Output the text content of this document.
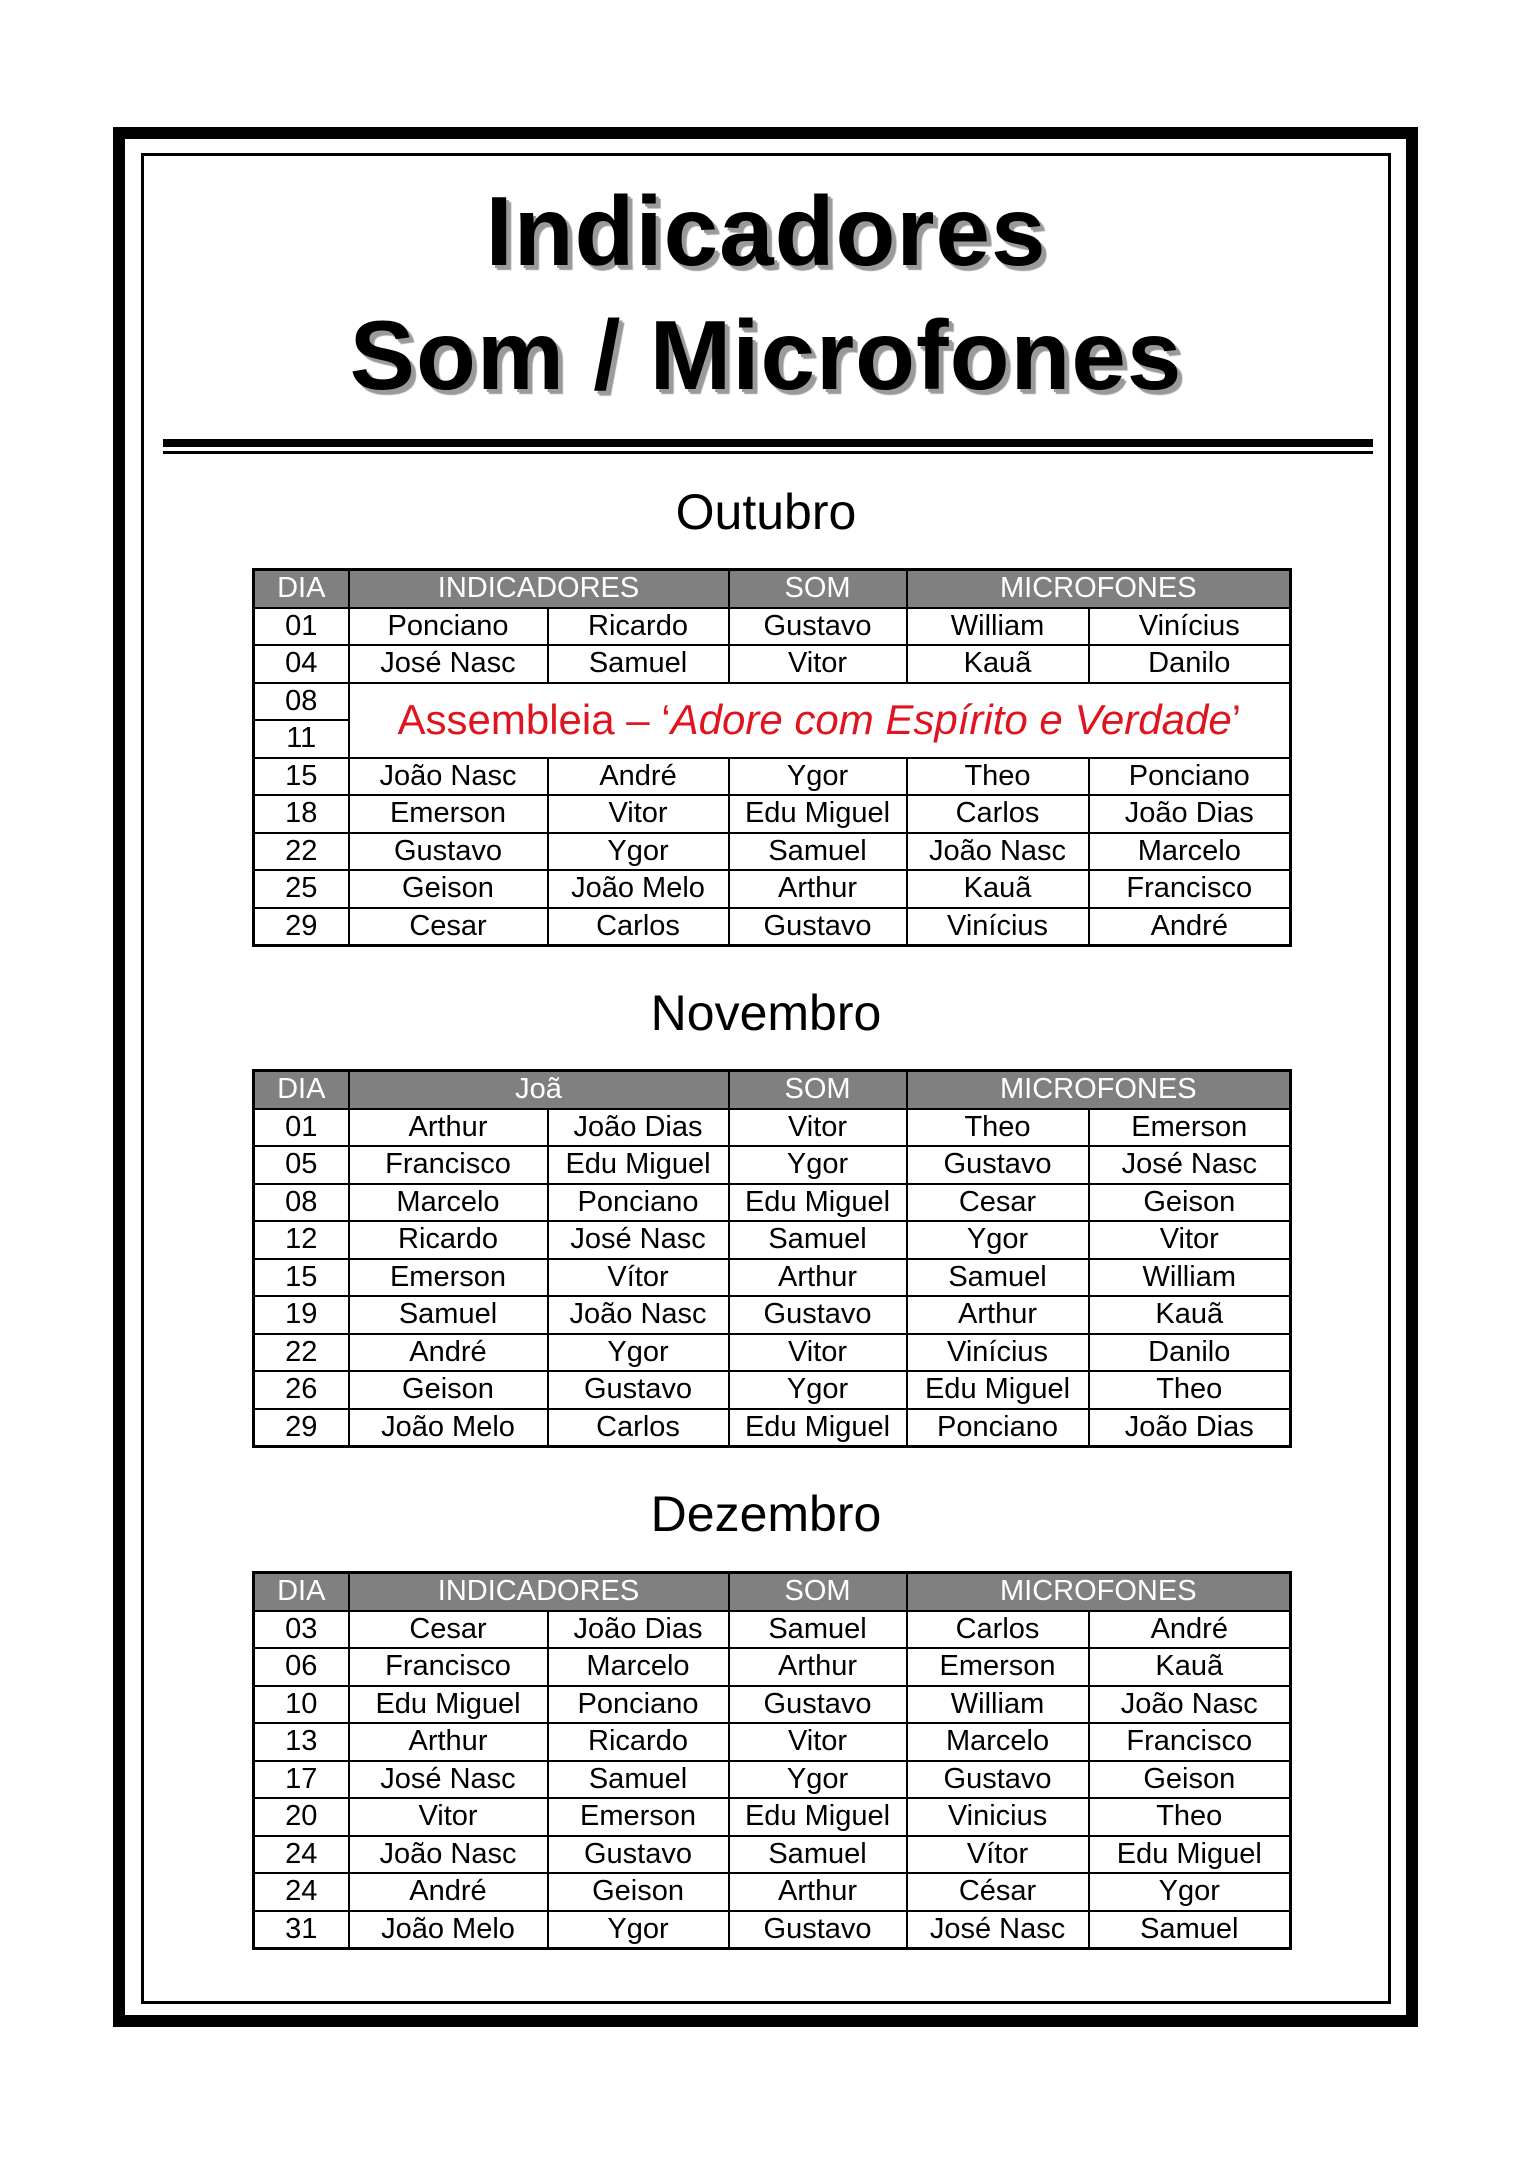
Indicadores
Som / Microfones
Outubro
DIA	INDICADORES		SOM	MICROFONES	
01	Ponciano	Ricardo	Gustavo	William	Vinícius
04	José Nasc	Samuel	Vitor	Kauã	Danilo
08	Assembleia – ‘Adore com Espírito e Verdade’				
11					
15	João Nasc	André	Ygor	Theo	Ponciano
18	Emerson	Vitor	Edu Miguel	Carlos	João Dias
22	Gustavo	Ygor	Samuel	João Nasc	Marcelo
25	Geison	João Melo	Arthur	Kauã	Francisco
29	Cesar	Carlos	Gustavo	Vinícius	André
Novembro
DIA	Joã		SOM	MICROFONES	
01	Arthur	João Dias	Vitor	Theo	Emerson
05	Francisco	Edu Miguel	Ygor	Gustavo	José Nasc
08	Marcelo	Ponciano	Edu Miguel	Cesar	Geison
12	Ricardo	José Nasc	Samuel	Ygor	Vitor
15	Emerson	Vítor	Arthur	Samuel	William
19	Samuel	João Nasc	Gustavo	Arthur	Kauã
22	André	Ygor	Vitor	Vinícius	Danilo
26	Geison	Gustavo	Ygor	Edu Miguel	Theo
29	João Melo	Carlos	Edu Miguel	Ponciano	João Dias
Dezembro
DIA	INDICADORES		SOM	MICROFONES	
03	Cesar	João Dias	Samuel	Carlos	André
06	Francisco	Marcelo	Arthur	Emerson	Kauã
10	Edu Miguel	Ponciano	Gustavo	William	João Nasc
13	Arthur	Ricardo	Vitor	Marcelo	Francisco
17	José Nasc	Samuel	Ygor	Gustavo	Geison
20	Vitor	Emerson	Edu Miguel	Vinicius	Theo
24	João Nasc	Gustavo	Samuel	Vítor	Edu Miguel
24	André	Geison	Arthur	César	Ygor
31	João Melo	Ygor	Gustavo	José Nasc	Samuel
